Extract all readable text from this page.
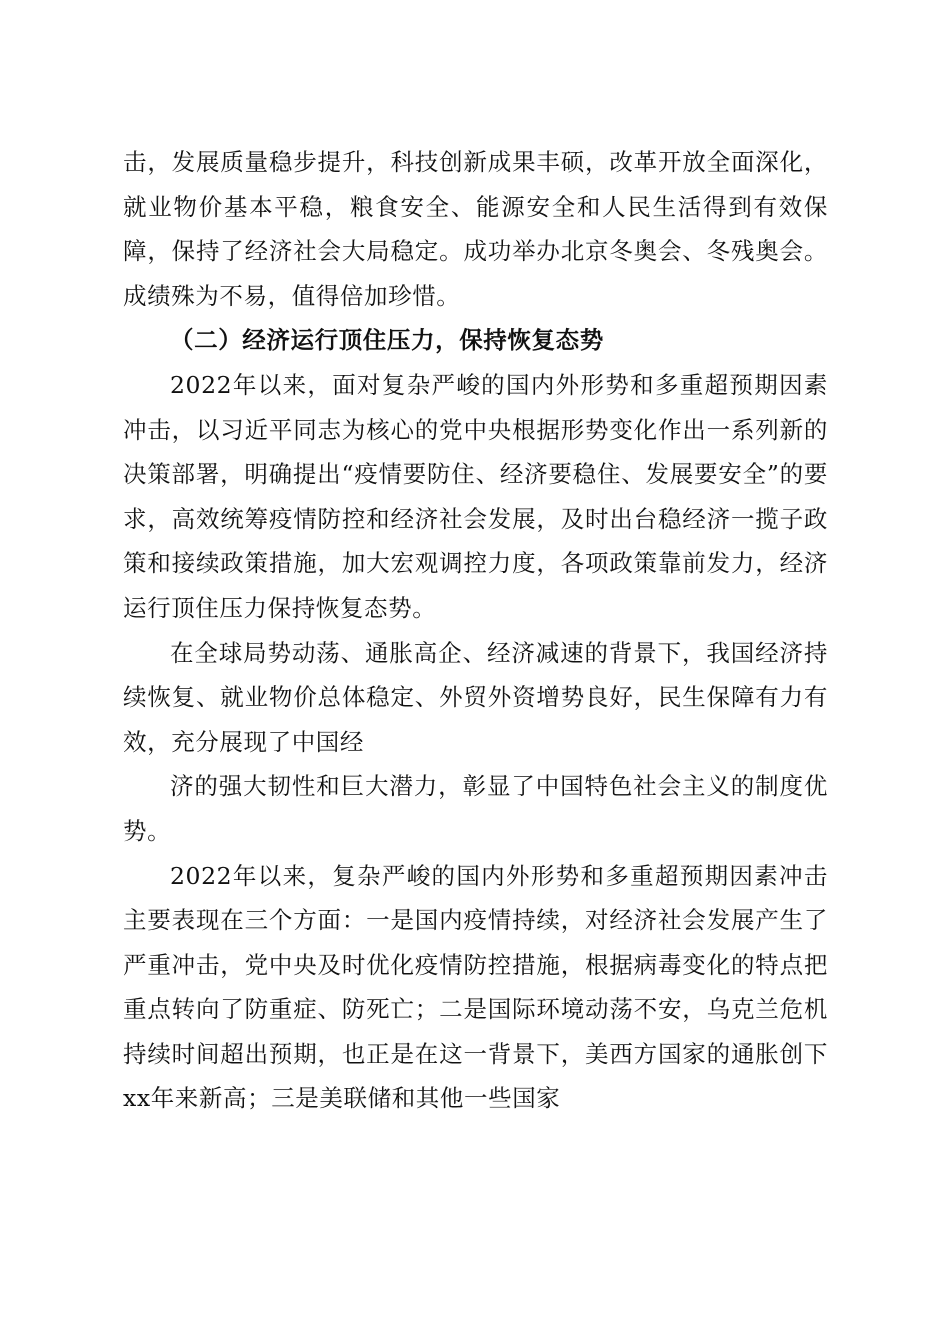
击，发展质量稳步提升，科技创新成果丰硕，改革开放全面深化，就业物价基本平稳，粮食安全、能源安全和人民生活得到有效保障，保持了经济社会大局稳定。成功举办北京冬奥会、冬残奥会。成绩殊为不易，值得倍加珍惜。

（二）经济运行顶住压力，保持恢复态势

2022年以来，面对复杂严峻的国内外形势和多重超预期因素冲击，以习近平同志为核心的党中央根据形势变化作出一系列新的决策部署，明确提出“疫情要防住、经济要稳住、发展要安全”的要求，高效统筹疫情防控和经济社会发展，及时出台稳经济一揽子政策和接续政策措施，加大宏观调控力度，各项政策靠前发力，经济运行顶住压力保持恢复态势。

在全球局势动荡、通胀高企、经济减速的背景下，我国经济持续恢复、就业物价总体稳定、外贸外资增势良好，民生保障有力有效，充分展现了中国经

济的强大韧性和巨大潜力，彰显了中国特色社会主义的制度优势。

2022年以来，复杂严峻的国内外形势和多重超预期因素冲击主要表现在三个方面：一是国内疫情持续，对经济社会发展产生了严重冲击，党中央及时优化疫情防控措施，根据病毒变化的特点把重点转向了防重症、防死亡；二是国际环境动荡不安，乌克兰危机持续时间超出预期，也正是在这一背景下，美西方国家的通胀创下xx年来新高；三是美联储和其他一些国家
